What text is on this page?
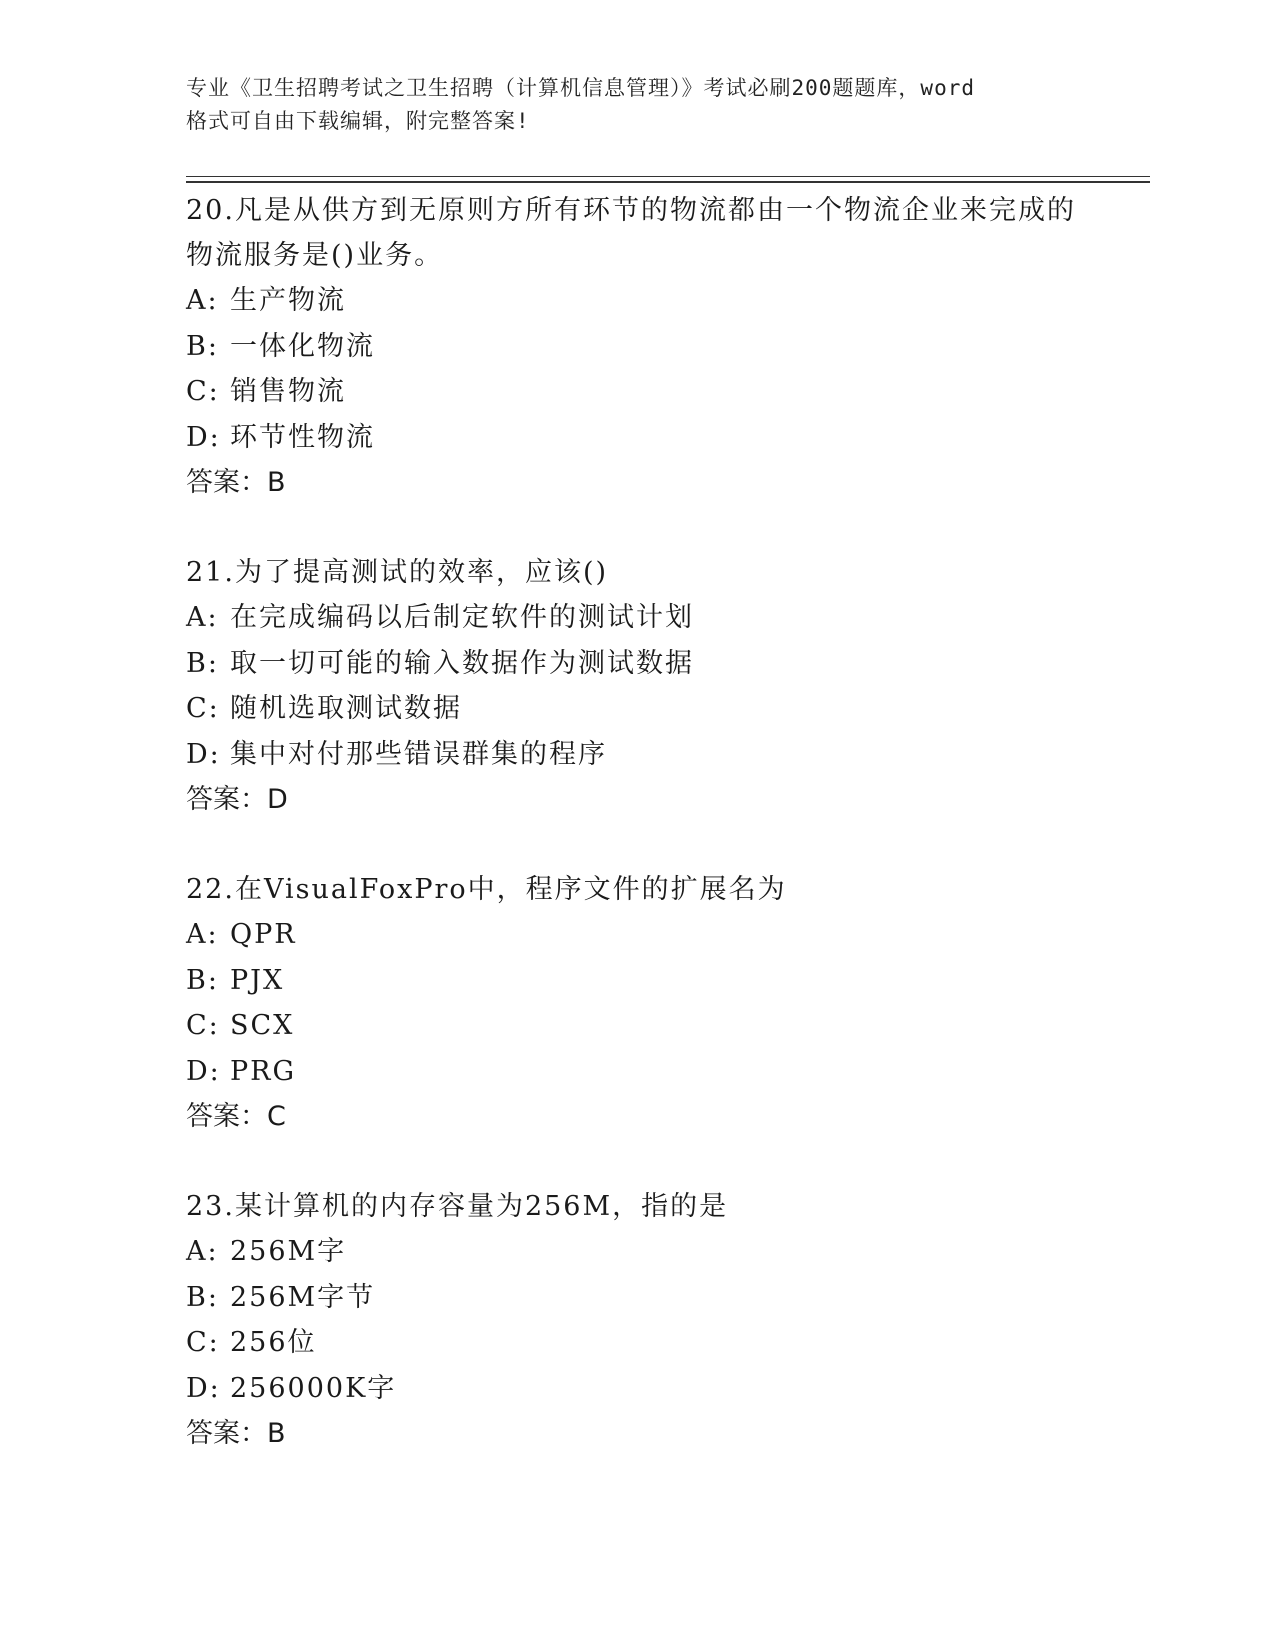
专业《卫生招聘考试之卫生招聘（计算机信息管理）》考试必刷200题题库，word
格式可自由下载编辑，附完整答案!

20.凡是从供方到无原则方所有环节的物流都由一个物流企业来完成的

物流服务是()业务。

A: 生产物流

B: 一体化物流

C: 销售物流

D: 环节性物流

答案：B

21.为了提高测试的效率，应该()

A: 在完成编码以后制定软件的测试计划

B: 取一切可能的输入数据作为测试数据

C: 随机选取测试数据

D: 集中对付那些错误群集的程序

答案：D

22.在VisualFoxPro中，程序文件的扩展名为

A: QPR

B: PJX

C: SCX

D: PRG

答案：C

23.某计算机的内存容量为256M，指的是

A: 256M字

B: 256M字节

C: 256位

D: 256000K字

答案：B
